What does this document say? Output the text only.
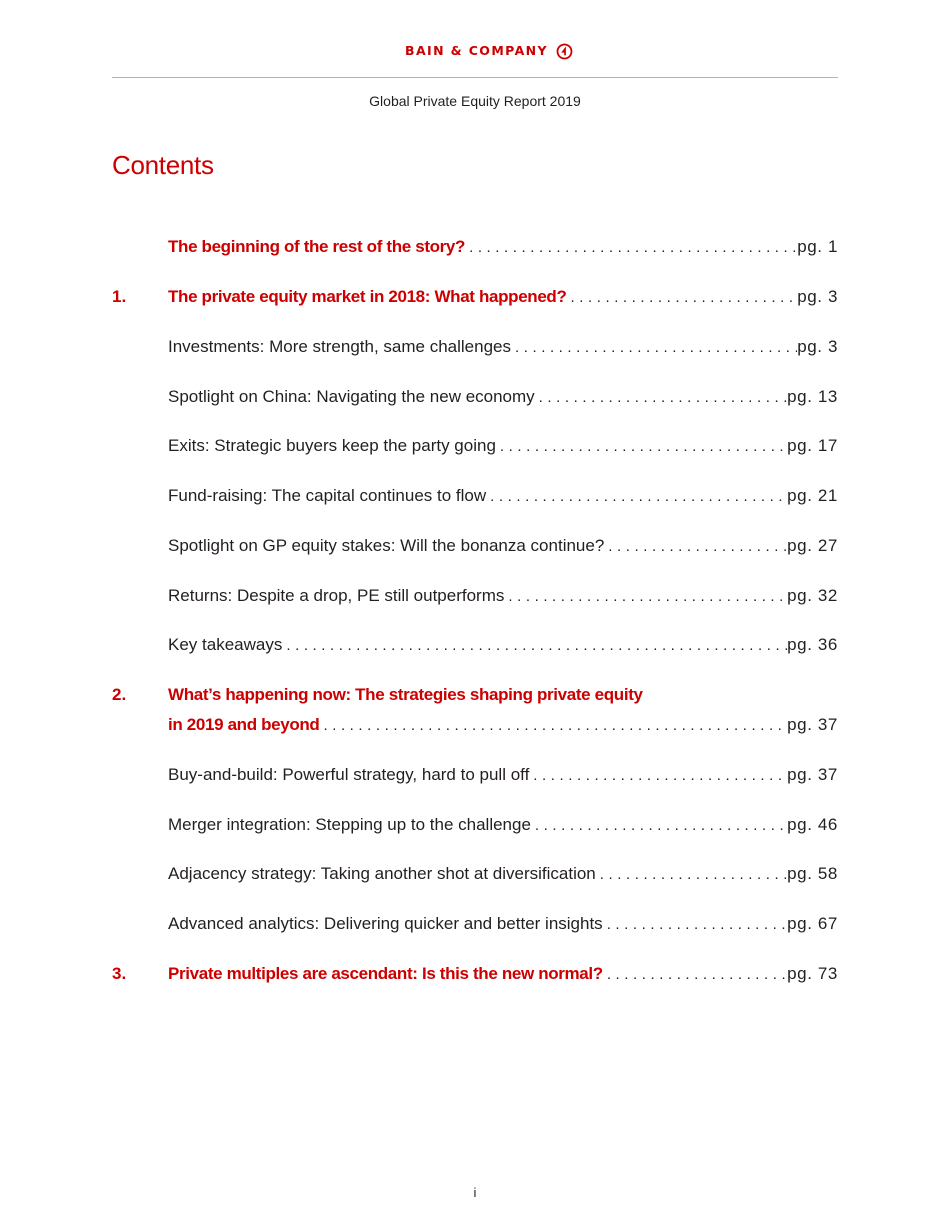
BAIN & COMPANY
Global Private Equity Report 2019
Contents
The beginning of the rest of the story? . . .	pg. 1
1. The private equity market in 2018: What happened? . . .	pg. 3
Investments: More strength, same challenges . . .	pg. 3
Spotlight on China: Navigating the new economy . . .	pg. 13
Exits: Strategic buyers keep the party going . . .	pg. 17
Fund-raising: The capital continues to flow . . .	pg. 21
Spotlight on GP equity stakes: Will the bonanza continue? . . .	pg. 27
Returns: Despite a drop, PE still outperforms . . .	pg. 32
Key takeaways . . .	pg. 36
2. What’s happening now: The strategies shaping private equity
in 2019 and beyond . . .	pg. 37
Buy-and-build: Powerful strategy, hard to pull off . . .	pg. 37
Merger integration: Stepping up to the challenge . . .	pg. 46
Adjacency strategy: Taking another shot at diversification . . .	pg. 58
Advanced analytics: Delivering quicker and better insights . . .	pg. 67
3. Private multiples are ascendant: Is this the new normal? . . .	pg. 73
i
